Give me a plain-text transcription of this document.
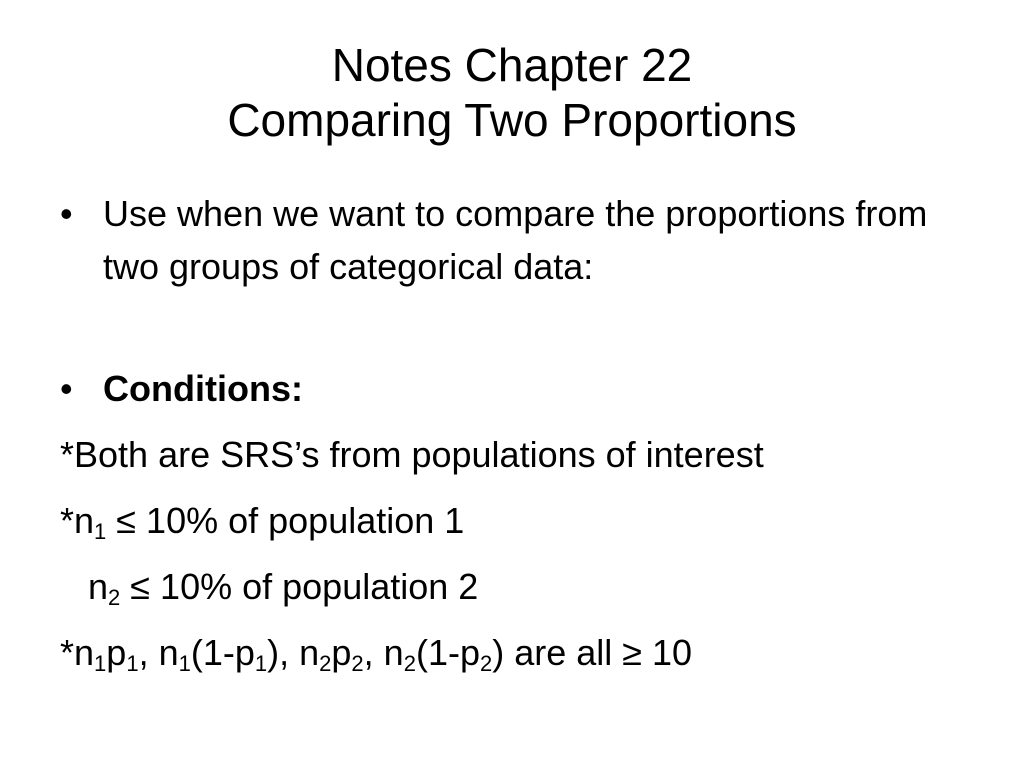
Notes Chapter 22
Comparing Two Proportions
• Use when we want to compare the proportions from two groups of categorical data:
• Conditions:
*Both are SRS’s from populations of interest
$*n_1 \le 10\%$ of population 1
$n_2 \le 10\%$ of population 2
$*n_1p_1$, $n_1(1-p_1)$, $n_2p_2$, $n_2(1-p_2)$ are all ≥ 10
